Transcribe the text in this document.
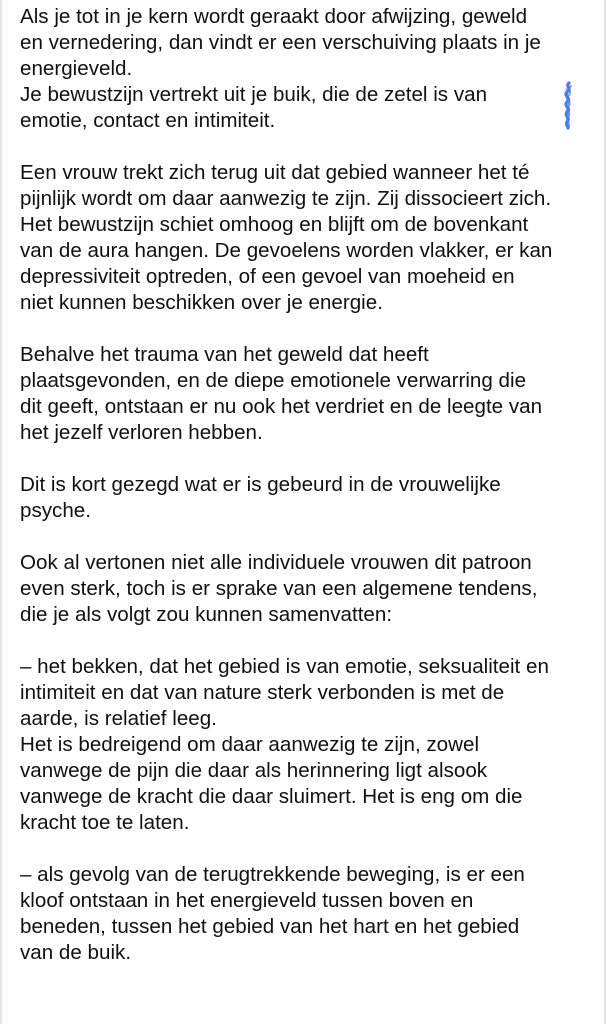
Als je tot in je kern wordt geraakt door afwijzing, geweld
en vernedering, dan vindt er een verschuiving plaats in je
energieveld.
Je bewustzijn vertrekt uit je buik, die de zetel is van
emotie, contact en intimiteit.
Een vrouw trekt zich terug uit dat gebied wanneer het té
pijnlijk wordt om daar aanwezig te zijn. Zij dissocieert zich.
Het bewustzijn schiet omhoog en blijft om de bovenkant
van de aura hangen. De gevoelens worden vlakker, er kan
depressiviteit optreden, of een gevoel van moeheid en
niet kunnen beschikken over je energie.
Behalve het trauma van het geweld dat heeft
plaatsgevonden, en de diepe emotionele verwarring die
dit geeft, ontstaan er nu ook het verdriet en de leegte van
het jezelf verloren hebben.
Dit is kort gezegd wat er is gebeurd in de vrouwelijke
psyche.
Ook al vertonen niet alle individuele vrouwen dit patroon
even sterk, toch is er sprake van een algemene tendens,
die je als volgt zou kunnen samenvatten:
– het bekken, dat het gebied is van emotie, seksualiteit en
intimiteit en dat van nature sterk verbonden is met de
aarde, is relatief leeg.
Het is bedreigend om daar aanwezig te zijn, zowel
vanwege de pijn die daar als herinnering ligt alsook
vanwege de kracht die daar sluimert. Het is eng om die
kracht toe te laten.
– als gevolg van de terugtrekkende beweging, is er een
kloof ontstaan in het energieveld tussen boven en
beneden, tussen het gebied van het hart en het gebied
van de buik.
